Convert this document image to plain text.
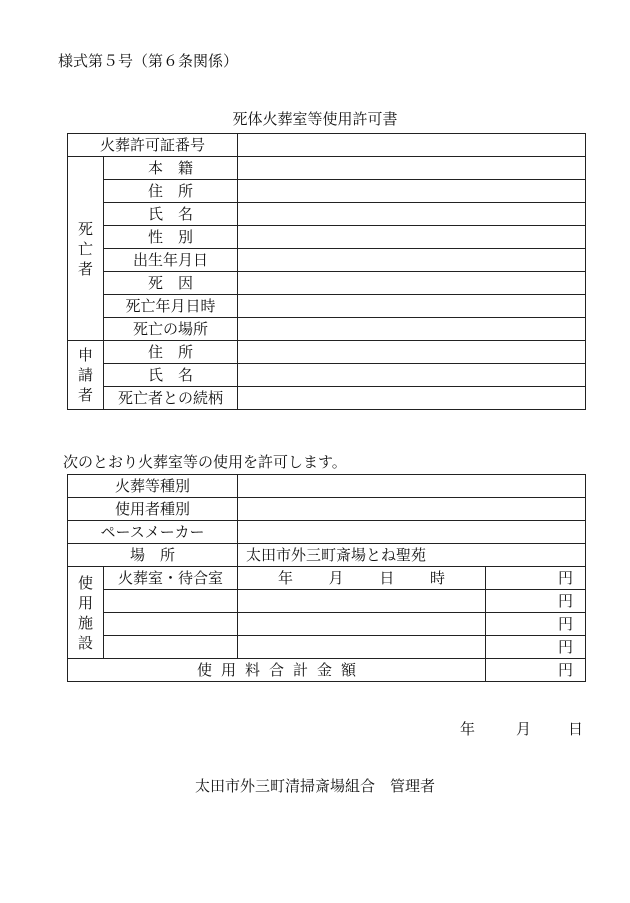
様式第５号（第６条関係）
死体火葬室等使用許可書
火葬許可証番号		

死
亡
者	本　籍	
	住　所	
	氏　名	
	性　別	
	出生年月日	
	死　因	
	死亡年月日時	
	死亡の場所	

申
請
者	住　所	
	氏　名	
	死亡者との続柄	
次のとおり火葬室等の使用を許可します。
火葬等種別			
使用者種別			
ペースメーカー			
場　所		太田市外三町斎場とね聖苑	

使
用
施
設	火葬室・待合室	年 月 日 時	円
			円
			円
			円
使用料合計金額			円
年	月 日
太田市外三町清掃斎場組合　管理者
